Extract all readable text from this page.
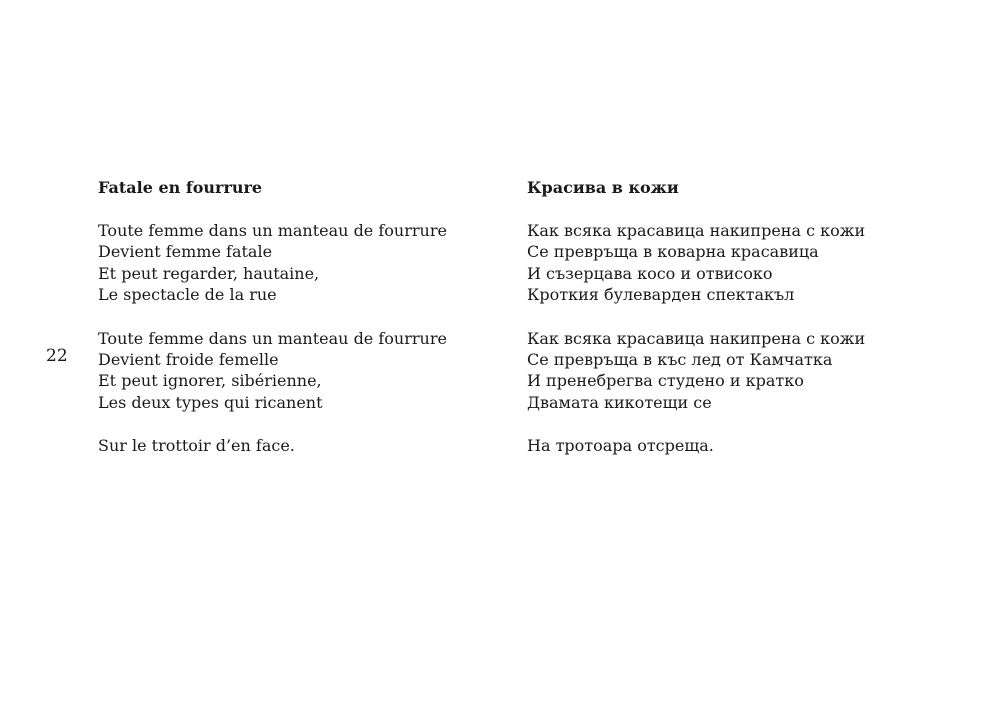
22
Fatale en fourrure
Toute femme dans un manteau de fourrure
Devient femme fatale
Et peut regarder, hautaine,
Le spectacle de la rue
Toute femme dans un manteau de fourrure
Devient froide femelle
Et peut ignorer, sibérienne,
Les deux types qui ricanent
Sur le trottoir d’en face.
Красива в кожи
Как всяка красавица накипрена с кожи
Се превръща в коварна красавица
И съзерцава косо и отвисоко
Кроткия булеварден спектакъл
Как всяка красавица накипрена с кожи
Се превръща в къс лед от Камчатка
И пренебрегва студено и кратко
Двамата кикотещи се
На тротоара отсреща.
